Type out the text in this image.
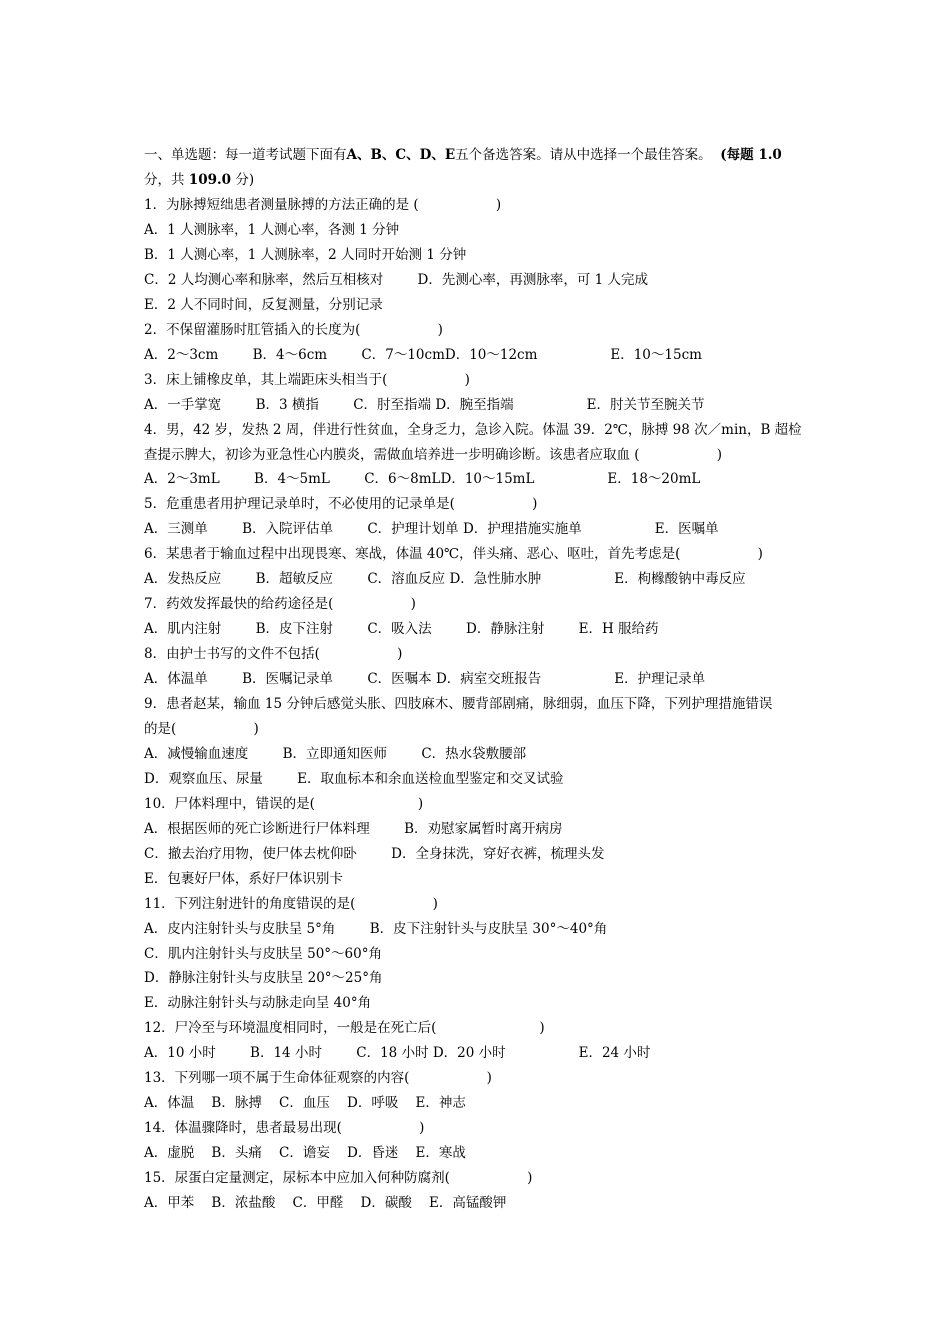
一、单选题：每一道考试题下面有A、B、C、D、E五个备选答案。请从中选择一个最佳答案。 (每题 1.0
分，共 109.0 分)
1．为脉搏短绌患者测量脉搏的方法正确的是 (                  )
A．1 人测脉率，1 人测心率，各测 1 分钟
B．1 人测心率，1 人测脉率，2 人同时开始测 1 分钟
C．2 人均测心率和脉率，然后互相核对        D．先测心率，再测脉率，可 1 人完成
E．2 人不同时间，反复测量，分别记录
2．不保留灌肠时肛管插入的长度为(                  )
A．2～3cm        B．4～6cm        C．7～10cmD．10～12cm                 E．10～15cm
3．床上铺橡皮单，其上端距床头相当于(                  )
A．一手掌宽        B．3 横指        C．肘至指端 D．腕至指端                 E．肘关节至腕关节
4．男，42 岁，发热 2 周，伴进行性贫血，全身乏力，急诊入院。体温 39．2℃，脉搏 98 次／min，B 超检
查提示脾大，初诊为亚急性心内膜炎，需做血培养进一步明确诊断。该患者应取血 (                  )
A．2～3mL        B．4～5mL        C．6～8mLD．10～15mL                 E．18～20mL
5．危重患者用护理记录单时，不必使用的记录单是(                  )
A．三测单        B．入院评估单        C．护理计划单 D．护理措施实施单                 E．医嘱单
6．某患者于输血过程中出现畏寒、寒战，体温 40℃，伴头痛、恶心、呕吐，首先考虑是(                  )
A．发热反应        B．超敏反应        C．溶血反应 D．急性肺水肿                 E．枸橼酸钠中毒反应
7．药效发挥最快的给药途径是(                  )
A．肌内注射        B．皮下注射        C．吸入法        D．静脉注射        E．H 服给药
8．由护士书写的文件不包括(                  )
A．体温单        B．医嘱记录单        C．医嘱本 D．病室交班报告                 E．护理记录单
9．患者赵某，输血 15 分钟后感觉头胀、四肢麻木、腰背部剧痛，脉细弱，血压下降，下列护理措施错误
的是(                  )
A．减慢输血速度        B．立即通知医师        C．热水袋敷腰部
D．观察血压、尿量        E．取血标本和余血送检血型鉴定和交叉试验
10．尸体料理中，错误的是(                        )
A．根据医师的死亡诊断进行尸体料理        B．劝慰家属暂时离开病房
C．撤去治疗用物，使尸体去枕仰卧        D．全身抹洗，穿好衣裤，梳理头发
E．包裹好尸体，系好尸体识别卡
11．下列注射进针的角度错误的是(                  )
A．皮内注射针头与皮肤呈 5°角        B．皮下注射针头与皮肤呈 30°～40°角
C．肌内注射针头与皮肤呈 50°～60°角
D．静脉注射针头与皮肤呈 20°～25°角
E．动脉注射针头与动脉走向呈 40°角
12．尸冷至与环境温度相同时，一般是在死亡后(                        )
A．10 小时        B．14 小时        C．18 小时 D．20 小时                 E．24 小时
13．下列哪一项不属于生命体征观察的内容(                  )
A．体温    B．脉搏    C．血压    D．呼吸    E．神志
14．体温骤降时，患者最易出现(                  )
A．虚脱    B．头痛    C．谵妄    D．昏迷    E．寒战
15．尿蛋白定量测定，尿标本中应加入何种防腐剂(                  )
A．甲苯    B．浓盐酸    C．甲醛    D．碳酸    E．高锰酸钾
